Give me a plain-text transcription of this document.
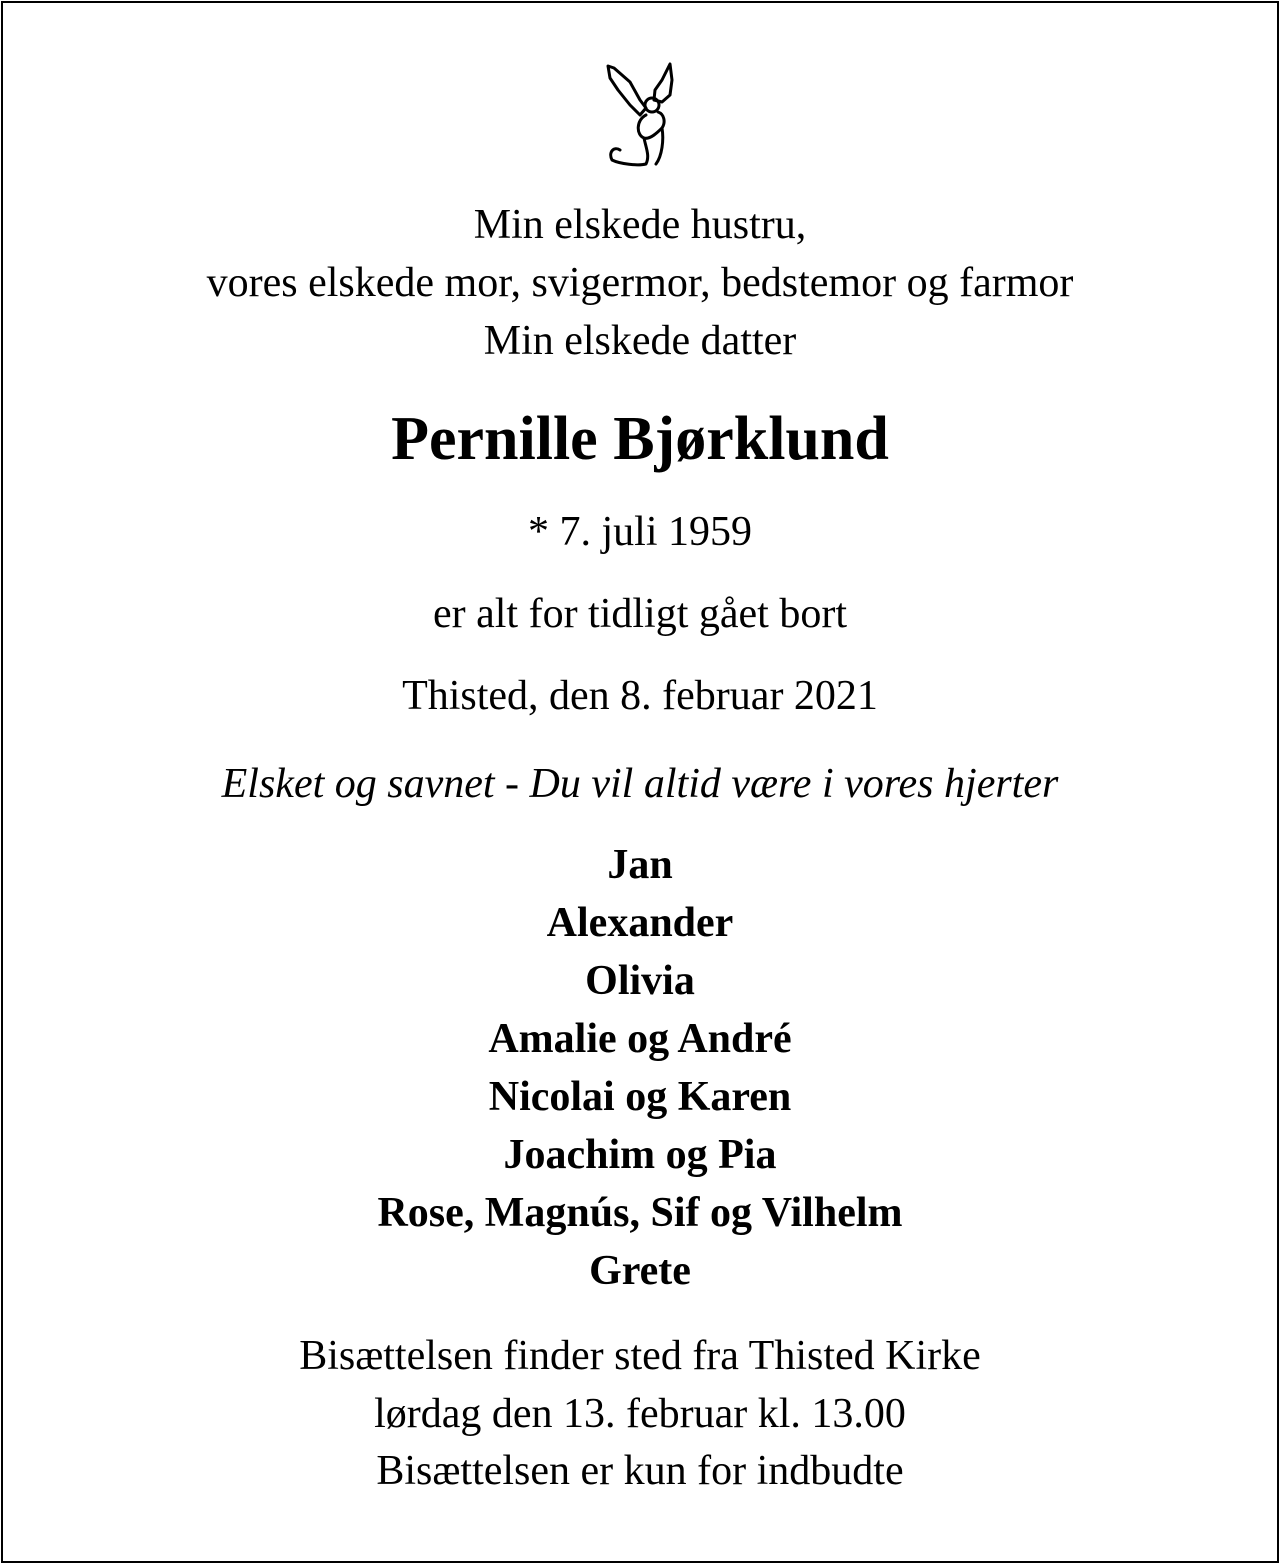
Min elskede hustru,
vores elskede mor, svigermor, bedstemor og farmor
Min elskede datter
Pernille Bjørklund
* 7. juli 1959
er alt for tidligt gået bort
Thisted, den 8. februar 2021
Elsket og savnet - Du vil altid være i vores hjerter
Jan
Alexander
Olivia
Amalie og André
Nicolai og Karen
Joachim og Pia
Rose, Magnús, Sif og Vilhelm
Grete
Bisættelsen finder sted fra Thisted Kirke
lørdag den 13. februar kl. 13.00
Bisættelsen er kun for indbudte
